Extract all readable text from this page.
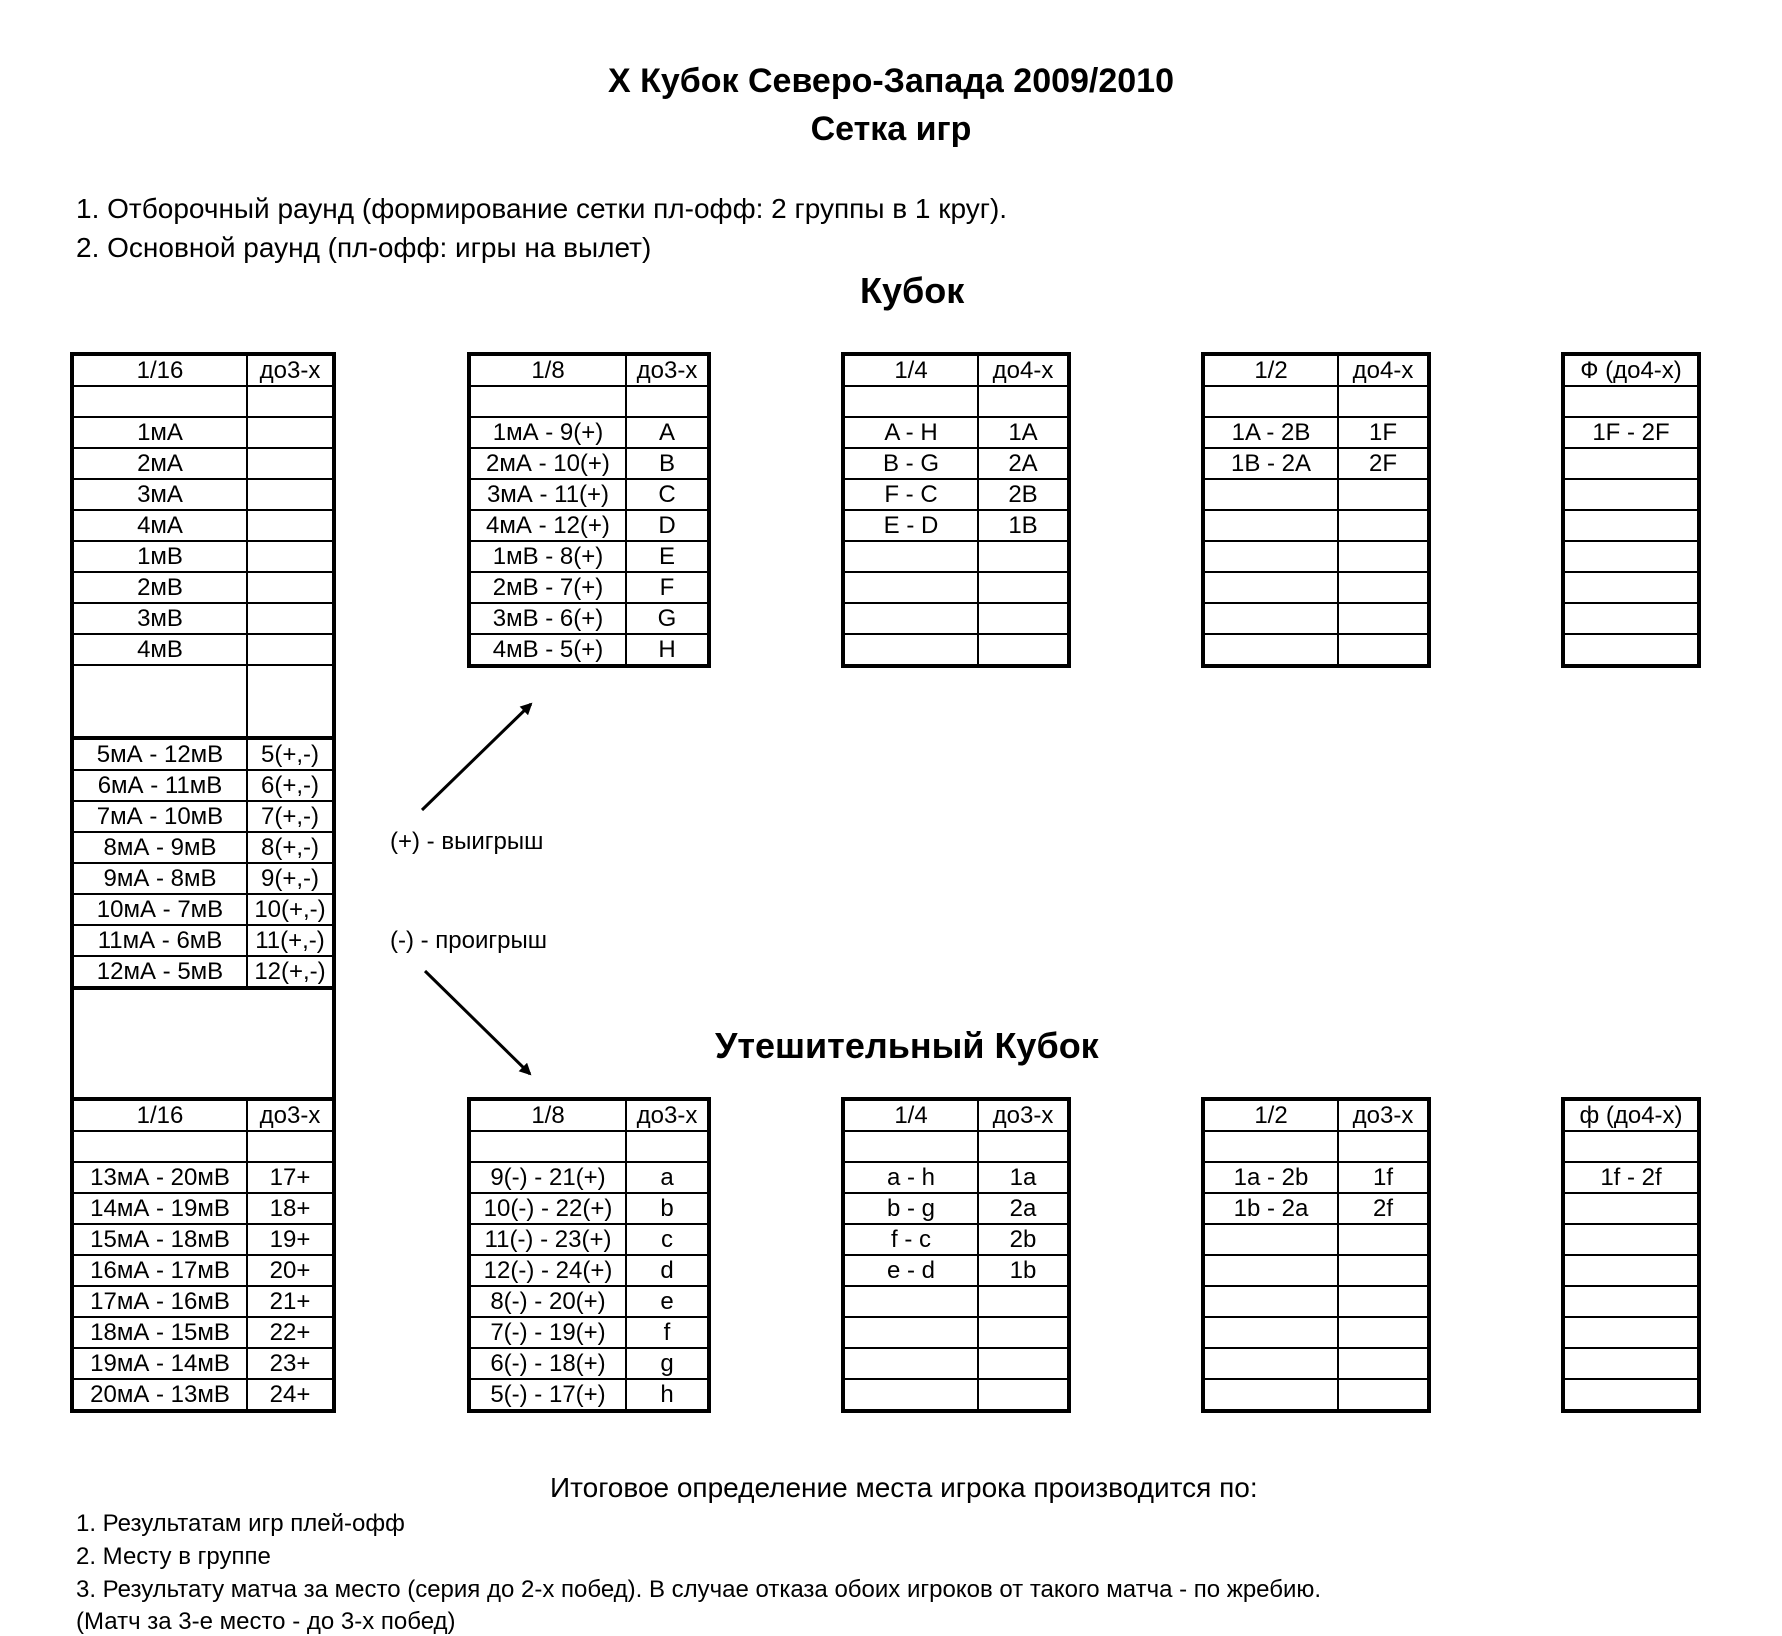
X Кубок Северо-Запада 2009/2010
Сетка игр
1. Отборочный раунд (формирование сетки пл-офф: 2 группы в 1 круг).
2. Основной раунд (пл-офф: игры на вылет)
Кубок
Утешительный Кубок
1/16	до3-х

1мА	
2мА	
3мА	
4мА	
1мВ	
2мВ	
3мВ	
4мВ	

5мА - 12мВ	5(+,-)
6мА - 11мВ	6(+,-)
7мА - 10мВ	7(+,-)
8мА - 9мВ	8(+,-)
9мА - 8мВ	9(+,-)
10мА - 7мВ	10(+,-)
11мА - 6мВ	11(+,-)
12мА - 5мВ	12(+,-)

1/16	до3-х

13мА - 20мВ	17+
14мА - 19мВ	18+
15мА - 18мВ	19+
16мА - 17мВ	20+
17мА - 16мВ	21+
18мА - 15мВ	22+
19мА - 14мВ	23+
20мА - 13мВ	24+
1/8	до3-х

1мА - 9(+)	A
2мА - 10(+)	B
3мА - 11(+)	C
4мА - 12(+)	D
1мВ - 8(+)	E
2мВ - 7(+)	F
3мВ - 6(+)	G
4мВ - 5(+)	H
1/4	до4-х

A - H	1A
B - G	2A
F - C	2B
E - D	1B

1/2	до4-х

1A - 2B	1F
1B - 2A	2F

Ф (до4-х)

1F - 2F

1/8	до3-х

9(-) - 21(+)	a
10(-) - 22(+)	b
11(-) - 23(+)	c
12(-) - 24(+)	d
8(-) - 20(+)	e
7(-) - 19(+)	f
6(-) - 18(+)	g
5(-) - 17(+)	h
1/4	до3-х

a - h	1a
b - g	2a
f - c	2b
e - d	1b

1/2	до3-х

1a - 2b	1f
1b - 2a	2f

ф (до4-х)

1f - 2f

(+) - выигрыш
(-) - проигрыш
Итоговое определение места игрока производится по:
1. Результатам игр плей-офф
2. Месту в группе
3. Результату матча за место (серия до 2-х побед). В случае отказа обоих игроков от такого матча - по жребию.
(Матч за 3-е место - до 3-х побед)
